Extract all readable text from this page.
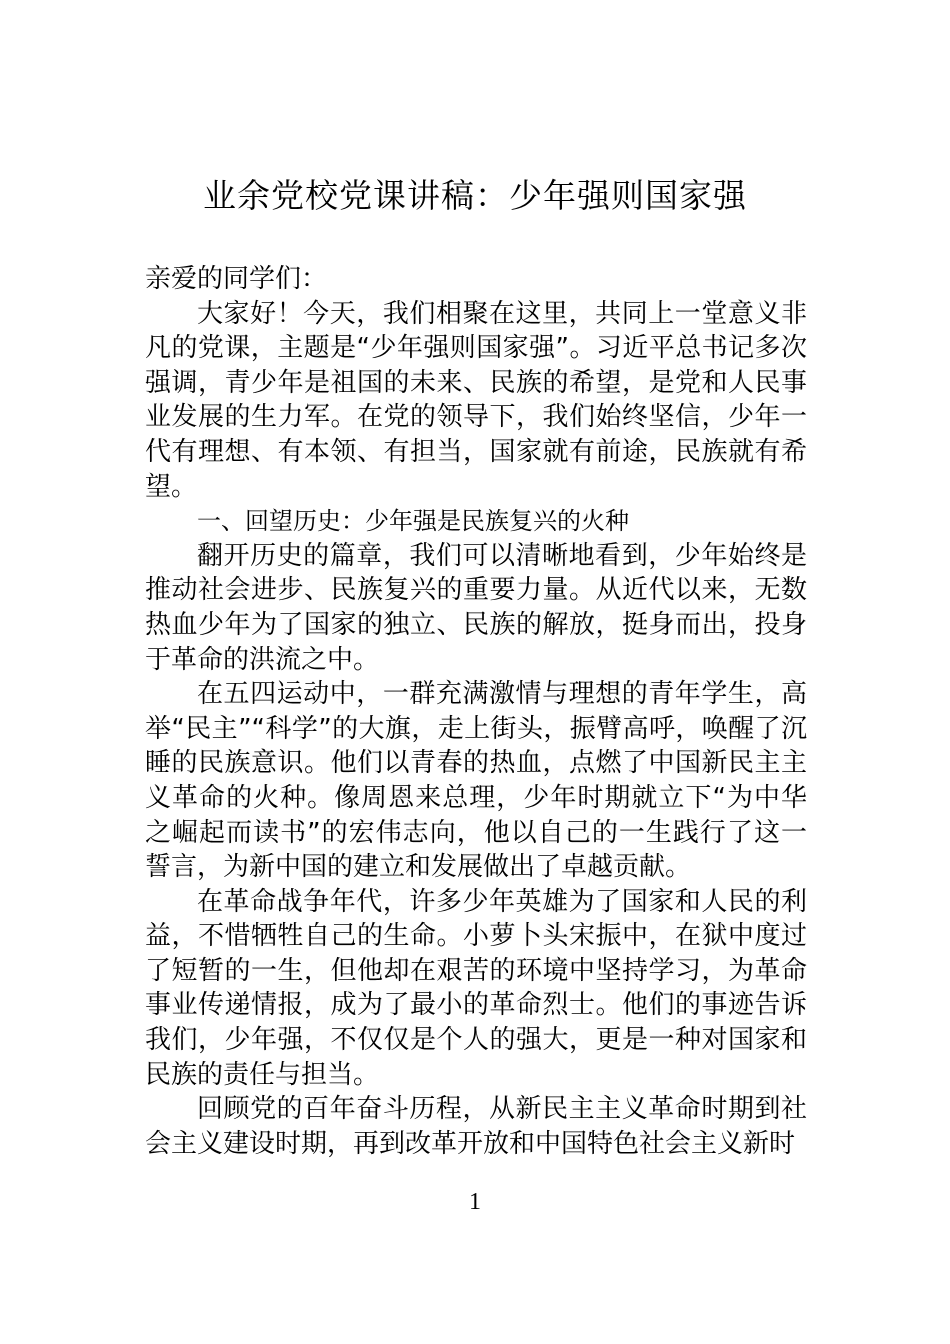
业余党校党课讲稿：少年强则国家强

亲爱的同学们：

大家好！今天，我们相聚在这里，共同上一堂意义非凡的党课，主题是“少年强则国家强”。习近平总书记多次强调，青少年是祖国的未来、民族的希望，是党和人民事业发展的生力军。在党的领导下，我们始终坚信，少年一代有理想、有本领、有担当，国家就有前途，民族就有希望。

一、回望历史：少年强是民族复兴的火种

翻开历史的篇章，我们可以清晰地看到，少年始终是推动社会进步、民族复兴的重要力量。从近代以来，无数热血少年为了国家的独立、民族的解放，挺身而出，投身于革命的洪流之中。

在五四运动中，一群充满激情与理想的青年学生，高举“民主”“科学”的大旗，走上街头，振臂高呼，唤醒了沉睡的民族意识。他们以青春的热血，点燃了中国新民主主义革命的火种。像周恩来总理，少年时期就立下“为中华之崛起而读书”的宏伟志向，他以自己的一生践行了这一誓言，为新中国的建立和发展做出了卓越贡献。

在革命战争年代，许多少年英雄为了国家和人民的利益，不惜牺牲自己的生命。小萝卜头宋振中，在狱中度过了短暂的一生，但他却在艰苦的环境中坚持学习，为革命事业传递情报，成为了最小的革命烈士。他们的事迹告诉我们，少年强，不仅仅是个人的强大，更是一种对国家和民族的责任与担当。

回顾党的百年奋斗历程，从新民主主义革命时期到社会主义建设时期，再到改革开放和中国特色社会主义新时

1
